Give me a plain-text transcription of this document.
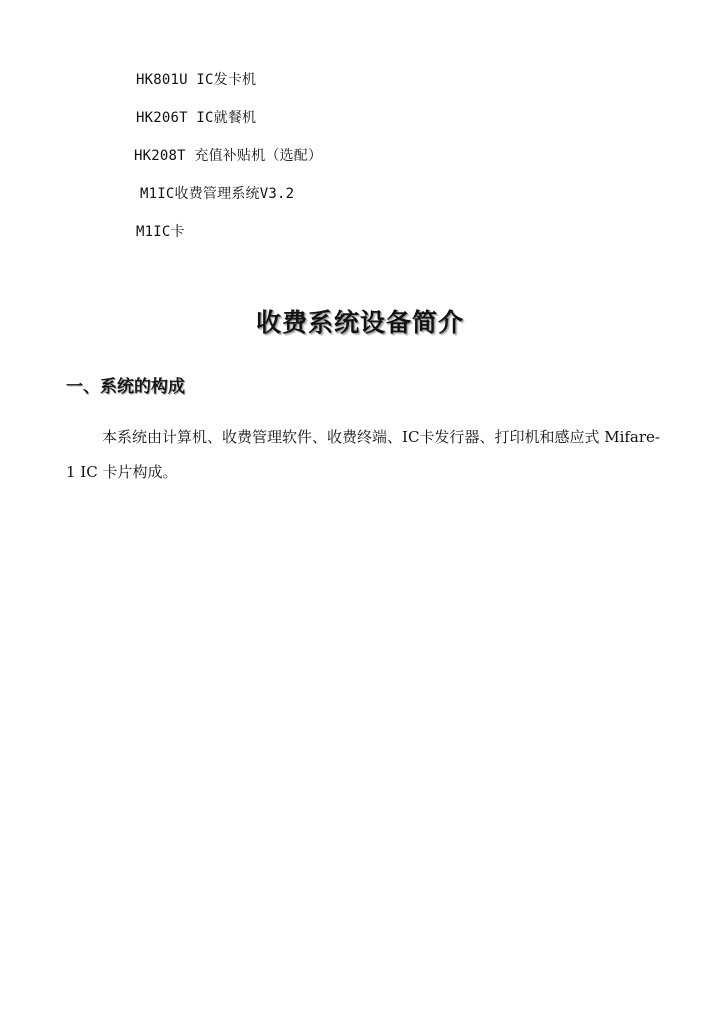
HK801U IC发卡机
HK206T IC就餐机
HK208T 充值补贴机（选配）
M1IC收费管理系统V3.2
M1IC卡
收费系统设备简介
一、系统的构成

本系统由计算机、收费管理软件、收费终端、IC卡发行器、打印机和感应式 Mifare-1 IC 卡片构成。
